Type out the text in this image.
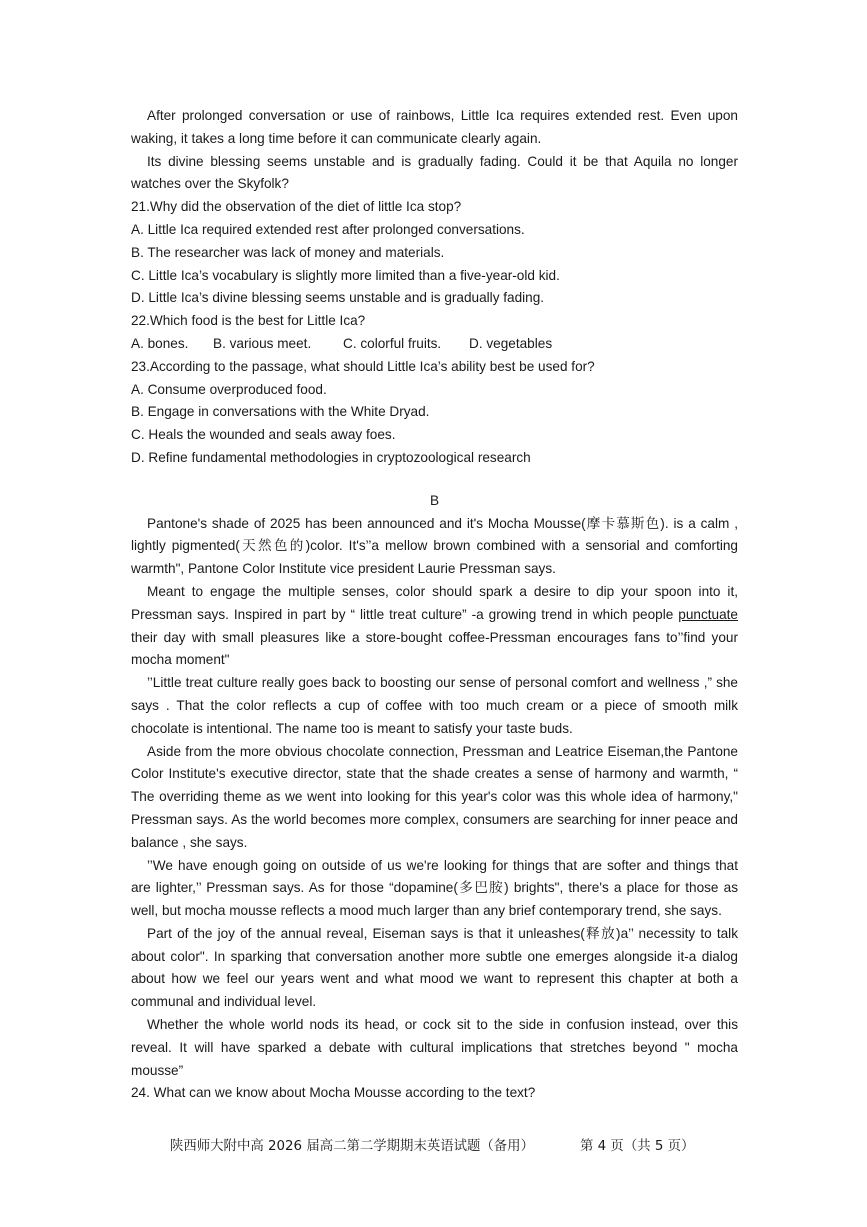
After prolonged conversation or use of rainbows, Little Ica requires extended rest. Even upon waking, it takes a long time before it can communicate clearly again.

Its divine blessing seems unstable and is gradually fading. Could it be that Aquila no longer watches over the Skyfolk?

21.Why did the observation of the diet of little Ica stop?

A. Little Ica required extended rest after prolonged conversations.

B. The researcher was lack of money and materials.

C. Little Ica’s vocabulary is slightly more limited than a five-year-old kid.

D. Little Ica’s divine blessing seems unstable and is gradually fading.

22.Which food is the best for Little Ica?

A. bones.	B. various meet.	C. colorful fruits.	D. vegetables

23.According to the passage, what should Little Ica’s ability best be used for?

A. Consume overproduced food.

B. Engage in conversations with the White Dryad.

C. Heals the wounded and seals away foes.

D. Refine fundamental methodologies in cryptozoological research

B

Pantone's shade of 2025 has been announced and it's Mocha Mousse(摩卡慕斯色). is a calm , lightly pigmented(天然色的)color. It's’’a mellow brown combined with a sensorial and comforting warmth", Pantone Color Institute vice president Laurie Pressman says.

Meant to engage the multiple senses, color should spark a desire to dip your spoon into it, Pressman says. Inspired in part by “ little treat culture” -a growing trend in which people punctuate their day with small pleasures like a store-bought coffee-Pressman encourages fans to’’find your mocha moment"

’’Little treat culture really goes back to boosting our sense of personal comfort and wellness ,” she says . That the color reflects a cup of coffee with too much cream or a piece of smooth milk chocolate is intentional. The name too is meant to satisfy your taste buds.

Aside from the more obvious chocolate connection, Pressman and Leatrice Eiseman,the Pantone Color Institute's executive director, state that the shade creates a sense of harmony and warmth, “ The overriding theme as we went into looking for this year's color was this whole idea of harmony," Pressman says. As the world becomes more complex, consumers are searching for inner peace and balance , she says.

’’We have enough going on outside of us we're looking for things that are softer and things that are lighter,’’ Pressman says. As for those “dopamine(多巴胺) brights", there's a place for those as well, but mocha mousse reflects a mood much larger than any brief contemporary trend, she says.

Part of the joy of the annual reveal, Eiseman says is that it unleashes(释放)a’’ necessity to talk about color". In sparking that conversation another more subtle one emerges alongside it-a dialog about how we feel our years went and what mood we want to represent this chapter at both a communal and individual level.

Whether the whole world nods its head, or cock sit to the side in confusion instead, over this reveal. It will have sparked a debate with cultural implications that stretches beyond " mocha mousse”

24. What can we know about Mocha Mousse according to the text?

陕西师大附中高 2026 届高二第二学期期末英语试题（备用）	第 4 页（共 5 页）
